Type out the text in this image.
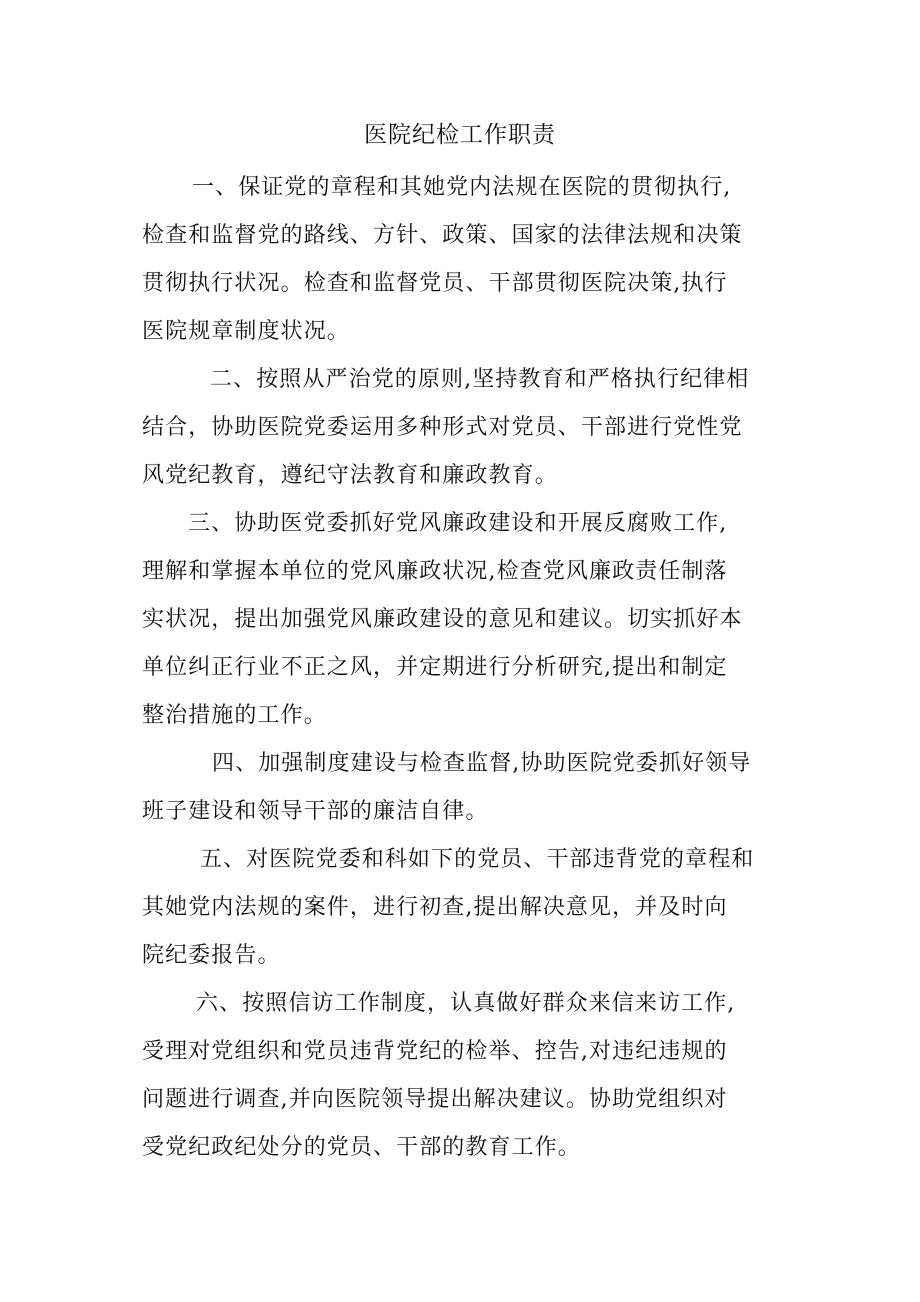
医院纪检工作职责
一、保证党的章程和其她党内法规在医院的贯彻执行,
检查和监督党的路线、方针、政策、国家的法律法规和决策
贯彻执行状况。检查和监督党员、干部贯彻医院决策,执行
医院规章制度状况。
二、按照从严治党的原则,坚持教育和严格执行纪律相
结合，协助医院党委运用多种形式对党员、干部进行党性党
风党纪教育，遵纪守法教育和廉政教育。
三、协助医党委抓好党风廉政建设和开展反腐败工作,
理解和掌握本单位的党风廉政状况,检查党风廉政责任制落
实状况，提出加强党风廉政建设的意见和建议。切实抓好本
单位纠正行业不正之风，并定期进行分析研究,提出和制定
整治措施的工作。
四、加强制度建设与检查监督,协助医院党委抓好领导
班子建设和领导干部的廉洁自律。
五、对医院党委和科如下的党员、干部违背党的章程和
其她党内法规的案件，进行初查,提出解决意见，并及时向
院纪委报告。
六、按照信访工作制度，认真做好群众来信来访工作,
受理对党组织和党员违背党纪的检举、控告,对违纪违规的
问题进行调查,并向医院领导提出解决建议。协助党组织对
受党纪政纪处分的党员、干部的教育工作。
